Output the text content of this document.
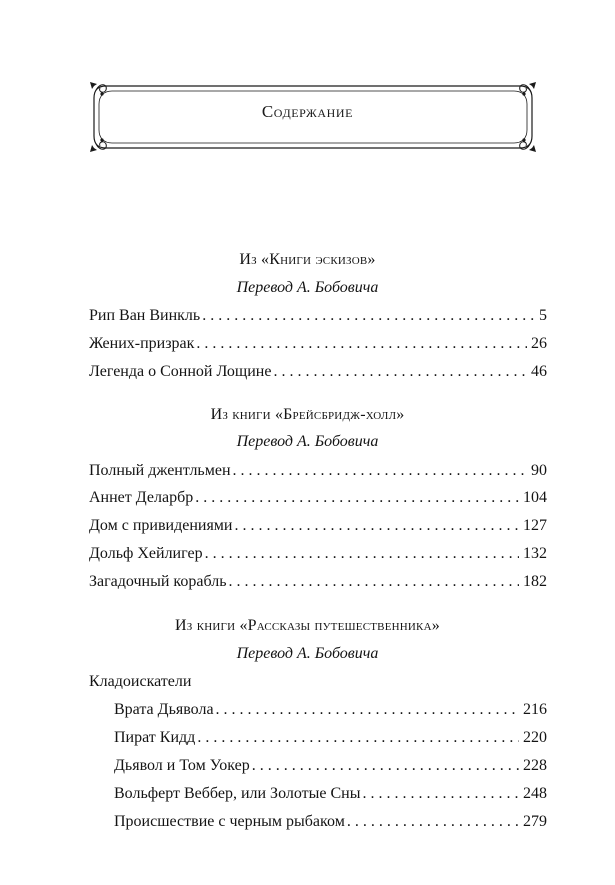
Содержание
Из «Книги эскизов»
Перевод А. Бобовича
Рип Ван Винкль . . .	5
Жених-призрак . . .	26
Легенда о Сонной Лощине . . .	46
Из книги «Брейсбридж-холл»
Перевод А. Бобовича
Полный джентльмен . . .	90
Аннет Деларбр . . .	104
Дом с привидениями . . .	127
Дольф Хейлигер . . .	132
Загадочный корабль . . .	182
Из книги «Рассказы путешественника»
Перевод А. Бобовича
Кладоискатели
Врата Дьявола . . .	216
Пират Кидд . . .	220
Дьявол и Том Уокер . . .	228
Вольферт Веббер, или Золотые Сны . . .	248
Происшествие с черным рыбаком . . .	279
